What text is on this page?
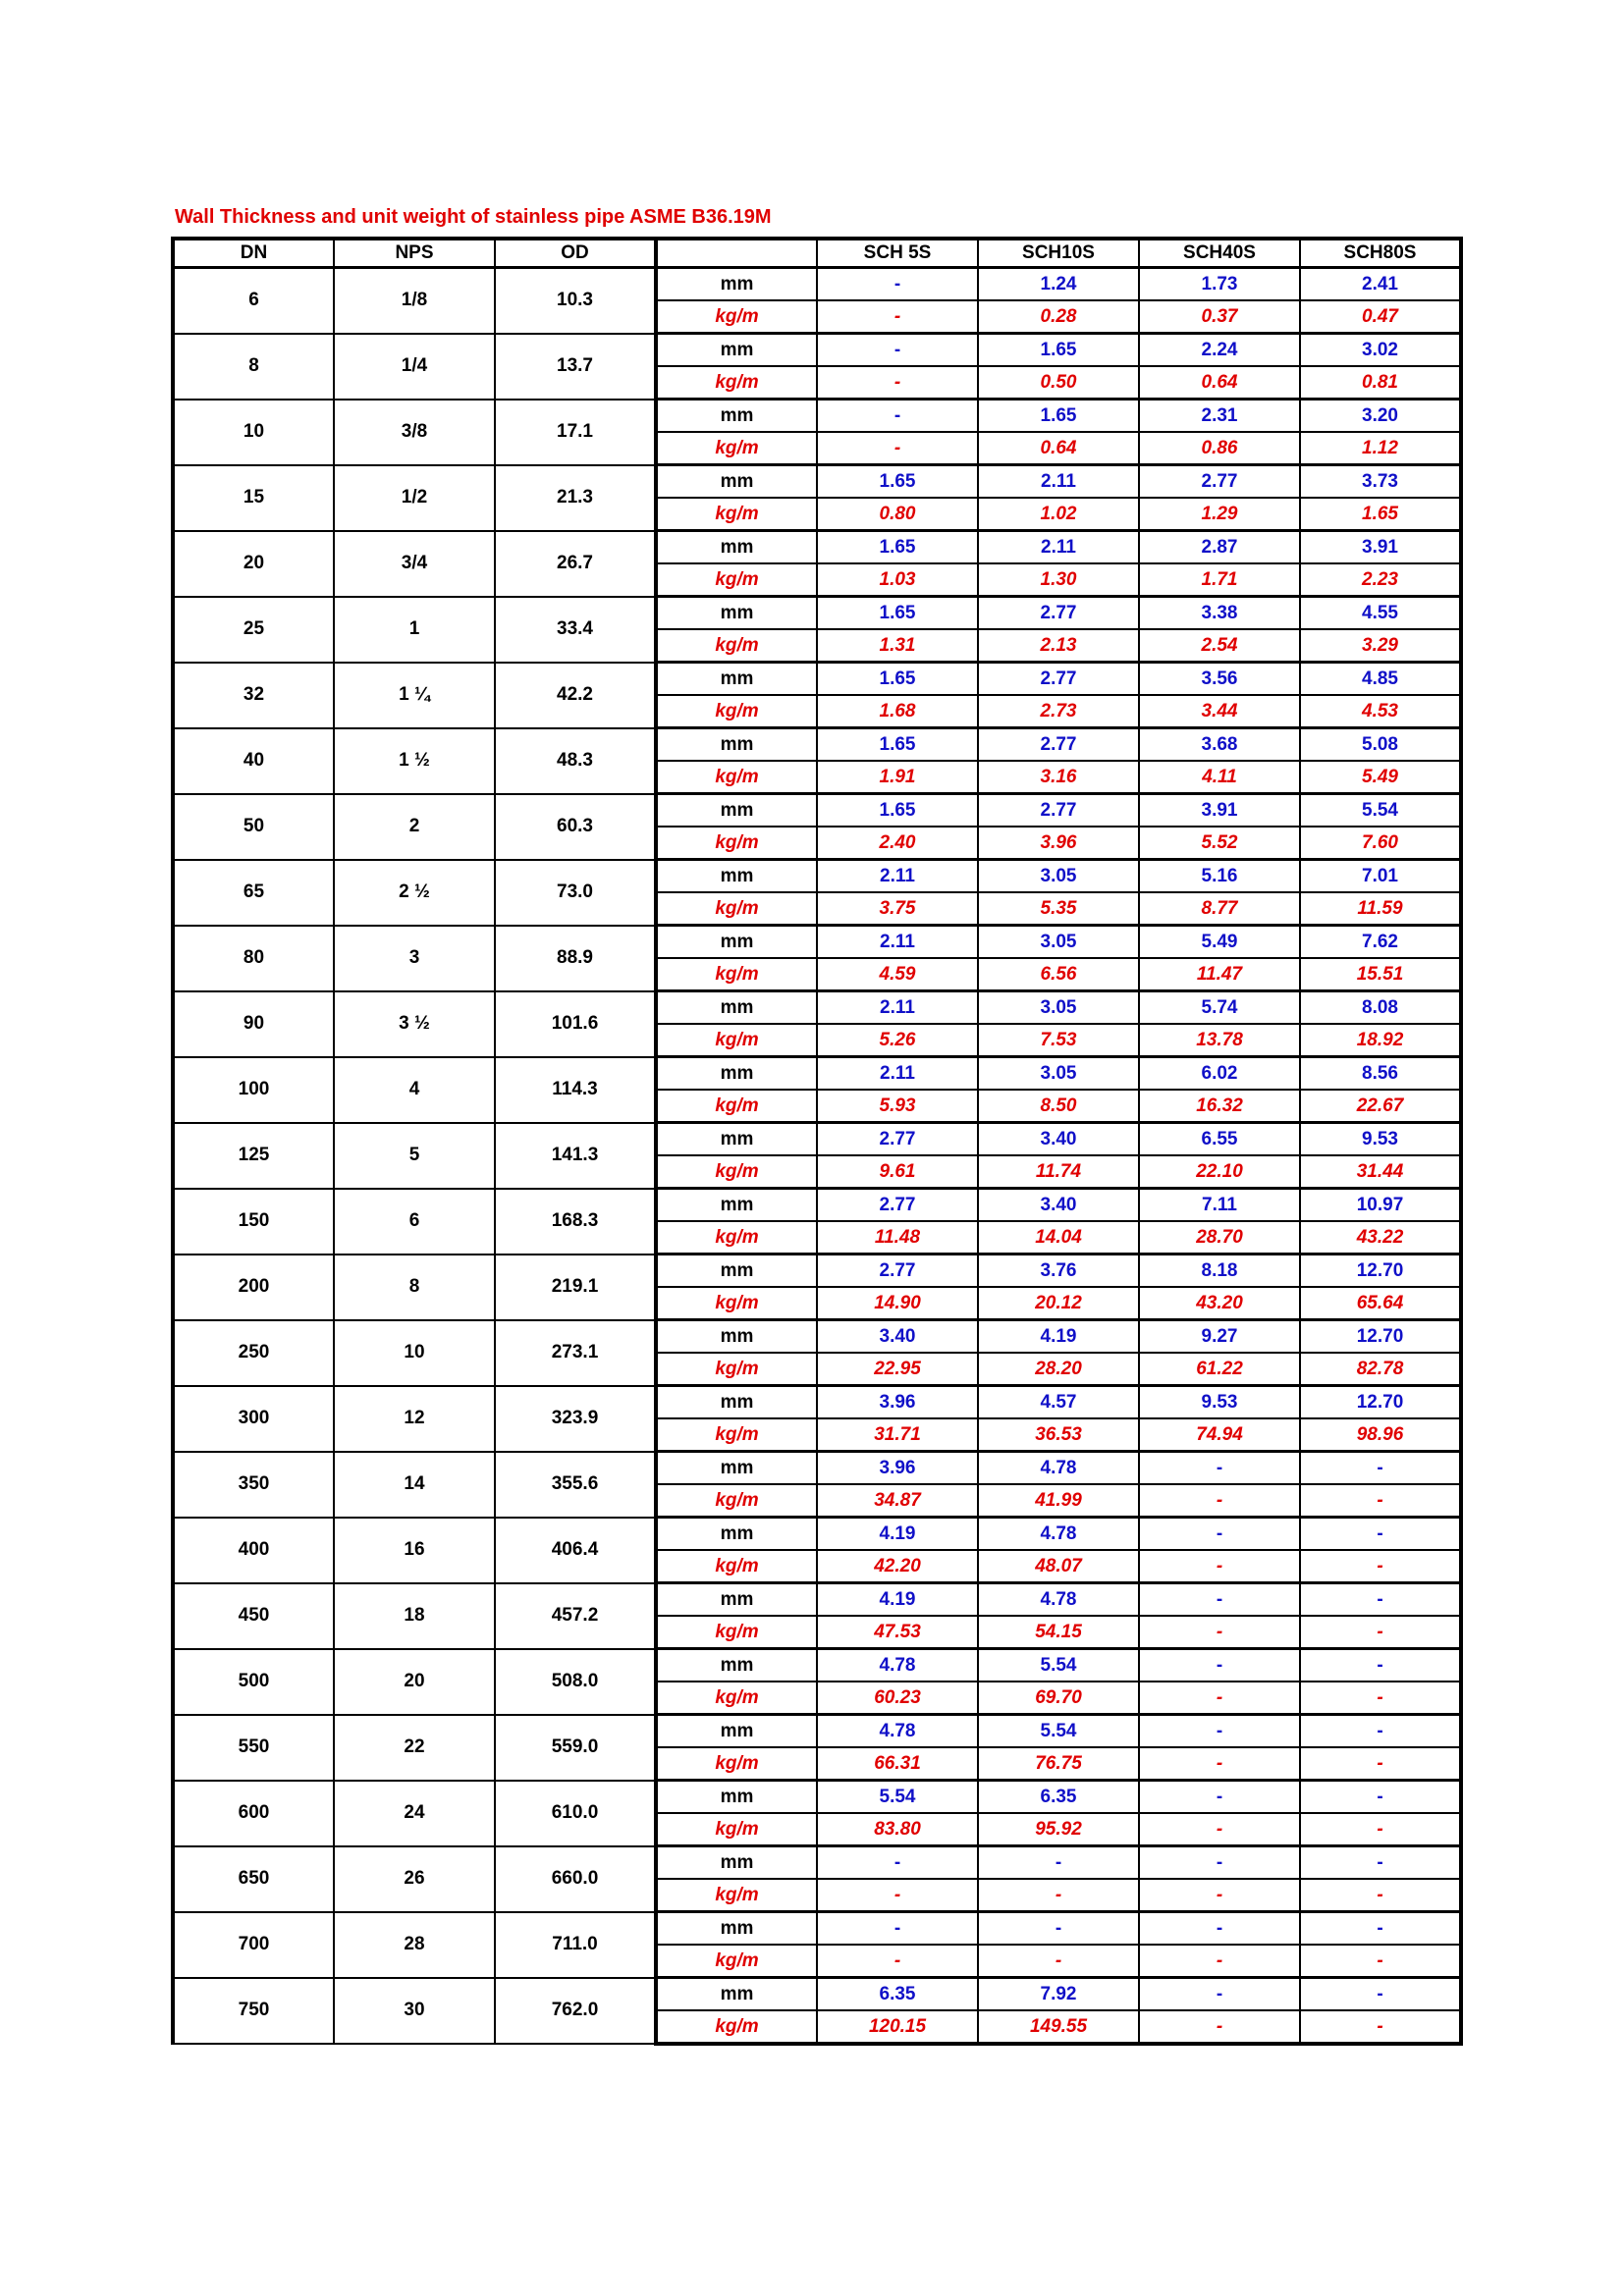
Wall Thickness and unit weight of stainless pipe ASME B36.19M
DN	NPS	OD		SCH 5S	SCH10S	SCH40S	SCH80S
6	1/8	10.3	mm	-	1.24	1.73	2.41
			kg/m	-	0.28	0.37	0.47
8	1/4	13.7	mm	-	1.65	2.24	3.02
			kg/m	-	0.50	0.64	0.81
10	3/8	17.1	mm	-	1.65	2.31	3.20
			kg/m	-	0.64	0.86	1.12
15	1/2	21.3	mm	1.65	2.11	2.77	3.73
			kg/m	0.80	1.02	1.29	1.65
20	3/4	26.7	mm	1.65	2.11	2.87	3.91
			kg/m	1.03	1.30	1.71	2.23
25	1	33.4	mm	1.65	2.77	3.38	4.55
			kg/m	1.31	2.13	2.54	3.29
32	1 ¼	42.2	mm	1.65	2.77	3.56	4.85
			kg/m	1.68	2.73	3.44	4.53
40	1 ½	48.3	mm	1.65	2.77	3.68	5.08
			kg/m	1.91	3.16	4.11	5.49
50	2	60.3	mm	1.65	2.77	3.91	5.54
			kg/m	2.40	3.96	5.52	7.60
65	2 ½	73.0	mm	2.11	3.05	5.16	7.01
			kg/m	3.75	5.35	8.77	11.59
80	3	88.9	mm	2.11	3.05	5.49	7.62
			kg/m	4.59	6.56	11.47	15.51
90	3 ½	101.6	mm	2.11	3.05	5.74	8.08
			kg/m	5.26	7.53	13.78	18.92
100	4	114.3	mm	2.11	3.05	6.02	8.56
			kg/m	5.93	8.50	16.32	22.67
125	5	141.3	mm	2.77	3.40	6.55	9.53
			kg/m	9.61	11.74	22.10	31.44
150	6	168.3	mm	2.77	3.40	7.11	10.97
			kg/m	11.48	14.04	28.70	43.22
200	8	219.1	mm	2.77	3.76	8.18	12.70
			kg/m	14.90	20.12	43.20	65.64
250	10	273.1	mm	3.40	4.19	9.27	12.70
			kg/m	22.95	28.20	61.22	82.78
300	12	323.9	mm	3.96	4.57	9.53	12.70
			kg/m	31.71	36.53	74.94	98.96
350	14	355.6	mm	3.96	4.78	-	-
			kg/m	34.87	41.99	-	-
400	16	406.4	mm	4.19	4.78	-	-
			kg/m	42.20	48.07	-	-
450	18	457.2	mm	4.19	4.78	-	-
			kg/m	47.53	54.15	-	-
500	20	508.0	mm	4.78	5.54	-	-
			kg/m	60.23	69.70	-	-
550	22	559.0	mm	4.78	5.54	-	-
			kg/m	66.31	76.75	-	-
600	24	610.0	mm	5.54	6.35	-	-
			kg/m	83.80	95.92	-	-
650	26	660.0	mm	-	-	-	-
			kg/m	-	-	-	-
700	28	711.0	mm	-	-	-	-
			kg/m	-	-	-	-
750	30	762.0	mm	6.35	7.92	-	-
			kg/m	120.15	149.55	-	-
